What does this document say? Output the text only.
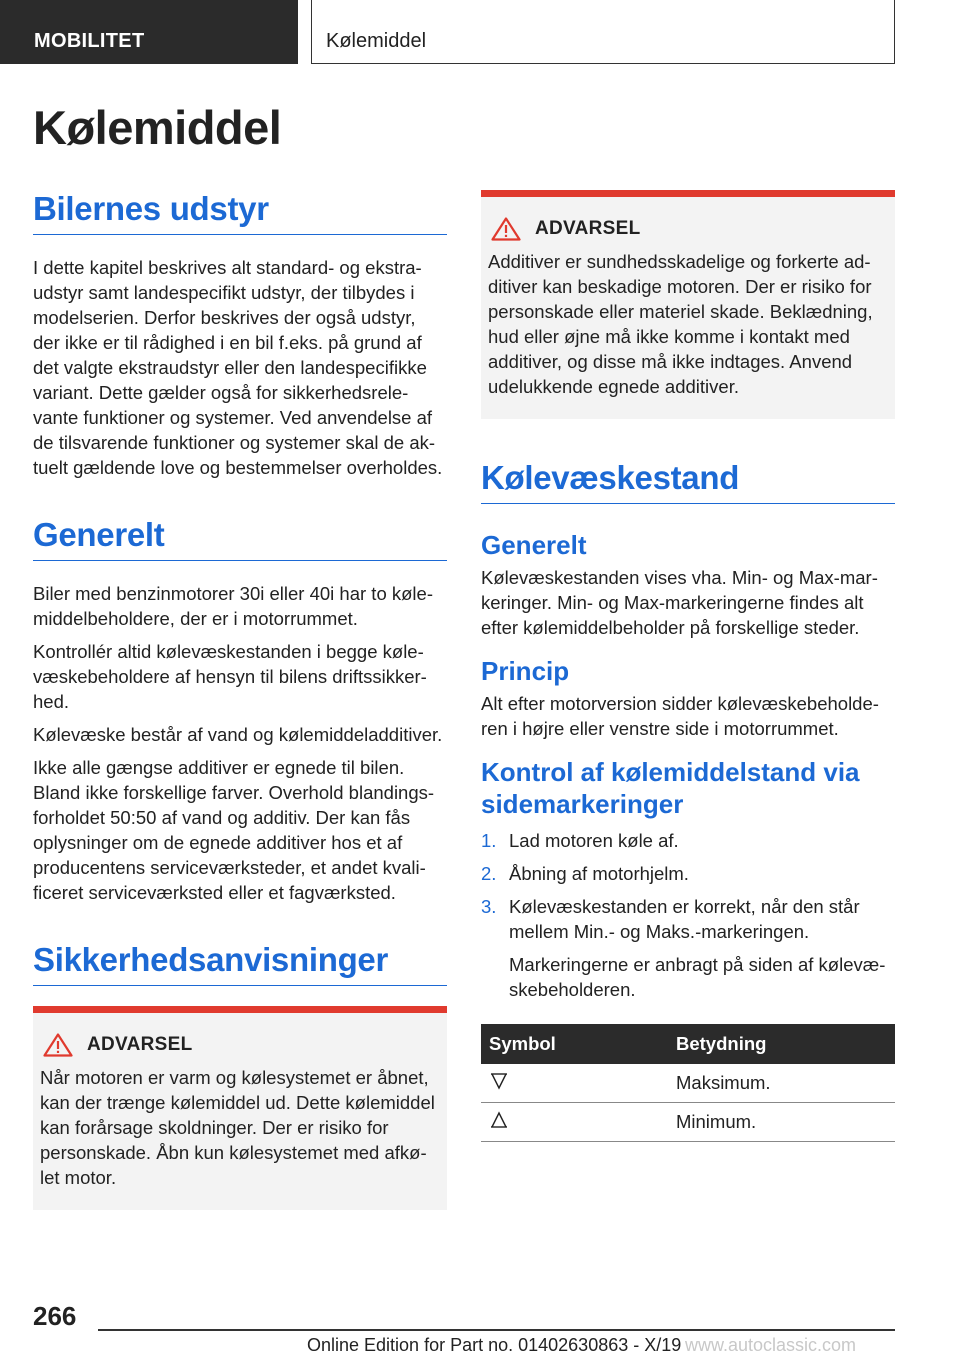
MOBILITET	Kølemiddel
Kølemiddel
Bilernes udstyr

I dette kapitel beskrives alt standard- og ekstraudstyr samt landespecifikt udstyr, der tilbydes i modelserien. Derfor beskrives der også udstyr, der ikke er til rådighed i en bil f.eks. på grund af det valgte ekstraudstyr eller den landespecifikke variant. Dette gælder også for sikkerhedsrelevante funktioner og systemer. Ved anvendelse af de tilsvarende funktioner og systemer skal de aktuelt gældende love og bestemmelser overholdes.

Generelt

Biler med benzinmotorer 30i eller 40i har to kølemiddelbeholdere, der er i motorrummet.

Kontrollér altid kølevæskestanden i begge kølevæskebeholdere af hensyn til bilens driftssikkerhed.

Kølevæske består af vand og kølemiddeladditiver.

Ikke alle gængse additiver er egnede til bilen. Bland ikke forskellige farver. Overhold blandingsforholdet 50:50 af vand og additiv. Der kan fås oplysninger om de egnede additiver hos et af producentens serviceværksteder, et andet kvalificeret serviceværksted eller et fagværksted.

Sikkerhedsanvisninger
ADVARSEL

Når motoren er varm og kølesystemet er åbnet, kan der trænge kølemiddel ud. Dette kølemiddel kan forårsage skoldninger. Der er risiko for personskade. Åbn kun kølesystemet med afkølet motor.

ADVARSEL

Additiver er sundhedsskadelige og forkerte additiver kan beskadige motoren. Der er risiko for personskade eller materiel skade. Beklædning, hud eller øjne må ikke komme i kontakt med additiver, og disse må ikke indtages. Anvend udelukkende egnede additiver.

Kølevæskestand
Generelt

Kølevæskestanden vises vha. Min- og Max-markeringer. Min- og Max-markeringerne findes alt efter kølemiddelbeholder på forskellige steder.

Princip

Alt efter motorversion sidder kølevæskebeholderen i højre eller venstre side i motorrummet.

Kontrol af kølemiddelstand via sidemarkeringer
1. Lad motoren køle af.
2. Åbning af motorhjelm.
3. Kølevæskestanden er korrekt, når den står mellem Min.- og Maks.-markeringen.

Markeringerne er anbragt på siden af kølevæskebeholderen.

Symbol	Betydning
	Maksimum.
	Minimum.
266
Online Edition for Part no. 01402630863 - X/19 www.autoclassic.com
